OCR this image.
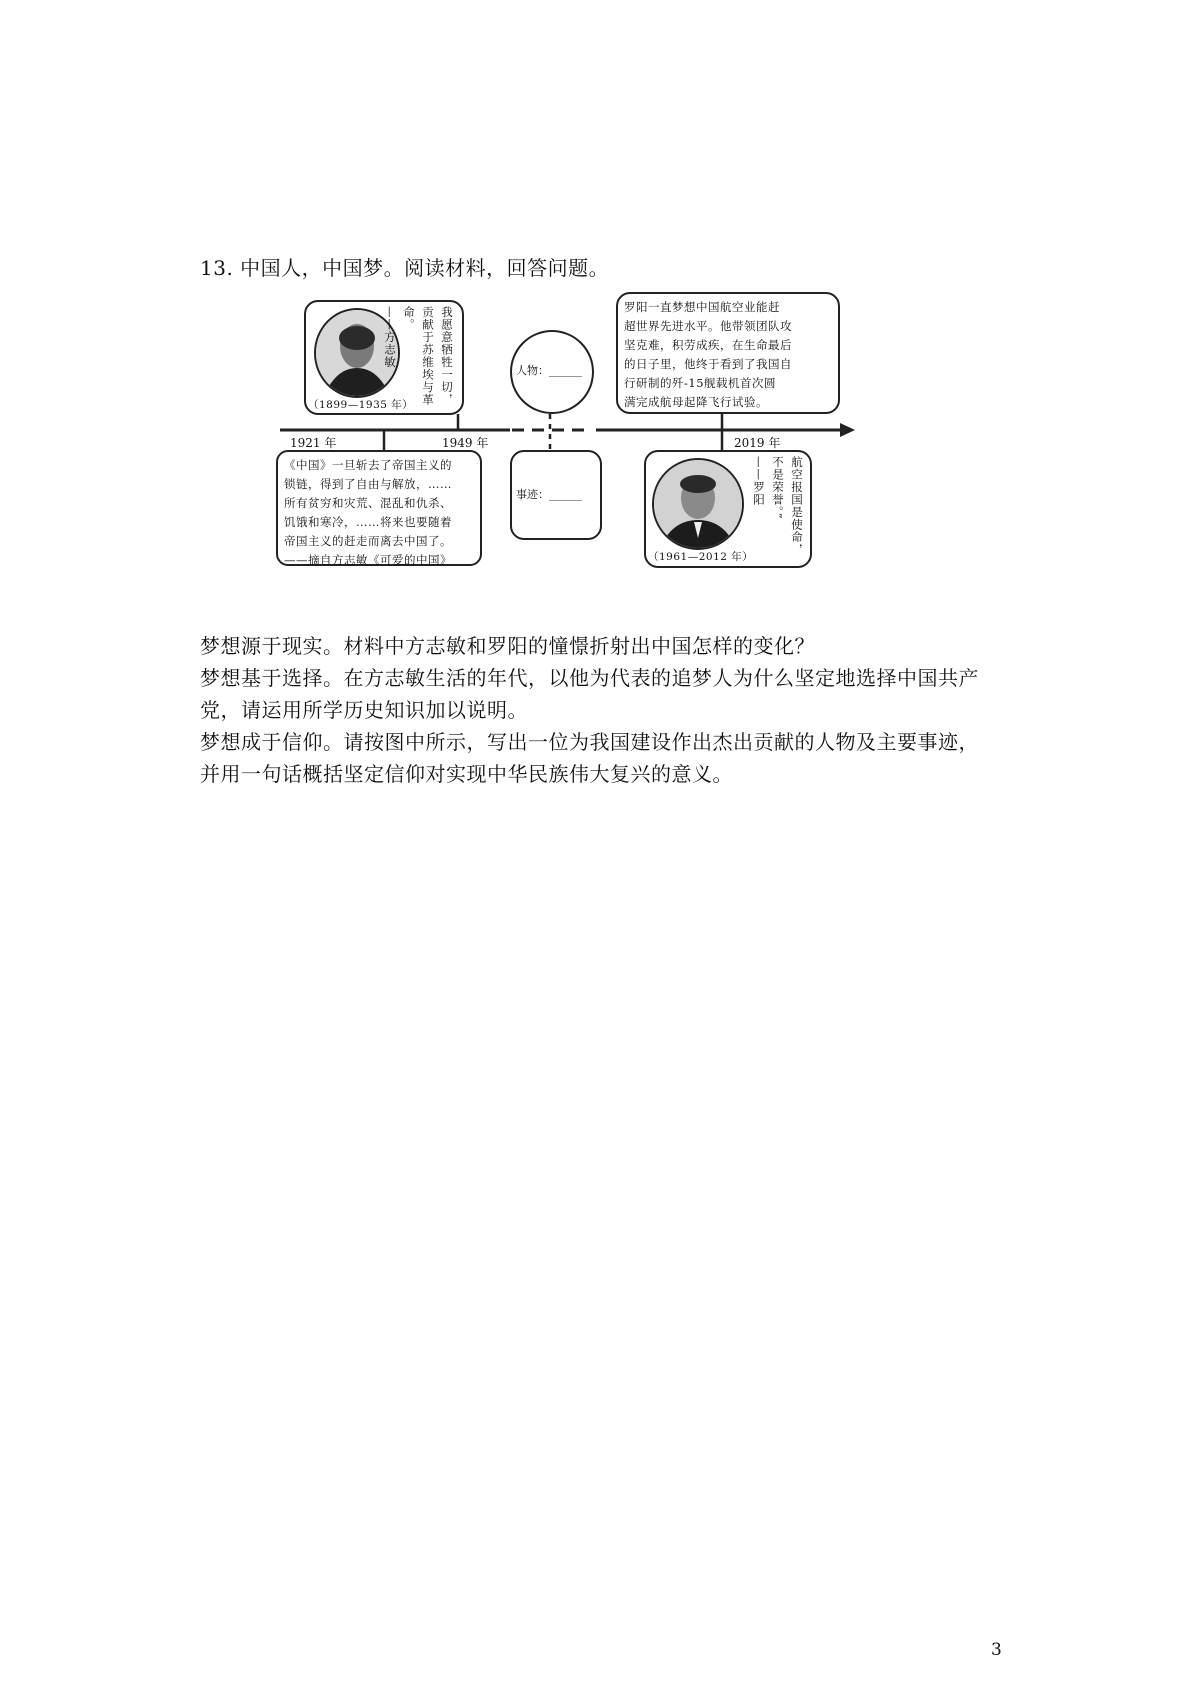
13. 中国人，中国梦。阅读材料，回答问题。
我愿意牺牲一切，
贡献于苏维埃与革
命。
——方志敏
（1899—1935 年）
1921 年	1949 年	2019 年
《中国》一旦斩去了帝国主义的
锁链，得到了自由与解放，……
所有贫穷和灾荒、混乱和仇杀、
饥饿和寒冷，……将来也要随着
帝国主义的赶走而离去中国了。
——摘自方志敏《可爱的中国》
人物：______
事迹：______
罗阳一直梦想中国航空业能赶
超世界先进水平。他带领团队攻
坚克难，积劳成疾，在生命最后
的日子里，他终于看到了我国自
行研制的歼-15舰载机首次圆
满完成航母起降飞行试验。
航空报国是使命，
不是荣誉。”
——罗阳
（1961—2012 年）
梦想源于现实。材料中方志敏和罗阳的憧憬折射出中国怎样的变化？
梦想基于选择。在方志敏生活的年代，以他为代表的追梦人为什么坚定地选择中国共产
党，请运用所学历史知识加以说明。
梦想成于信仰。请按图中所示，写出一位为我国建设作出杰出贡献的人物及主要事迹，
并用一句话概括坚定信仰对实现中华民族伟大复兴的意义。
3
